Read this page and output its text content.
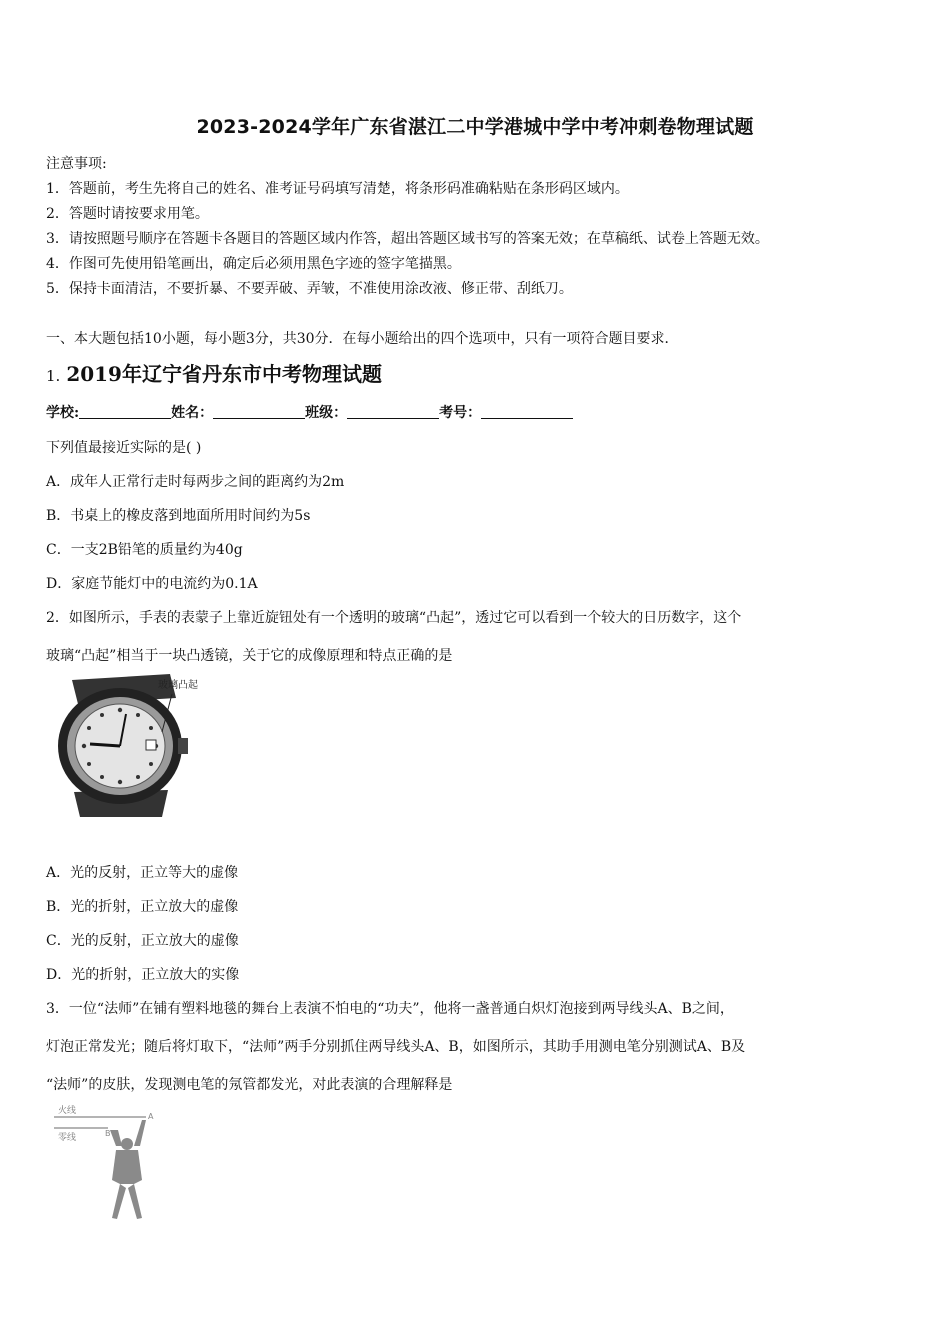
2023-2024学年广东省湛江二中学港城中学中考冲刺卷物理试题
注意事项:
1．答题前，考生先将自己的姓名、准考证号码填写清楚，将条形码准确粘贴在条形码区域内。
2．答题时请按要求用笔。
3．请按照题号顺序在答题卡各题目的答题区域内作答，超出答题区域书写的答案无效；在草稿纸、试卷上答题无效。
4．作图可先使用铅笔画出，确定后必须用黑色字迹的签字笔描黑。
5．保持卡面清洁，不要折暴、不要弄破、弄皱，不准使用涂改液、修正带、刮纸刀。
一、本大题包括10小题，每小题3分，共30分．在每小题给出的四个选项中，只有一项符合题目要求．
1. 2019年辽宁省丹东市中考物理试题
学校:	姓名：	班级：	考号：
下列值最接近实际的是( )
A．成年人正常行走时每两步之间的距离约为2m
B．书桌上的橡皮落到地面所用时间约为5s
C．一支2B铅笔的质量约为40g
D．家庭节能灯中的电流约为0.1A
2．如图所示，手表的表蒙子上靠近旋钮处有一个透明的玻璃“凸起”，透过它可以看到一个较大的日历数字，这个
玻璃“凸起”相当于一块凸透镜，关于它的成像原理和特点正确的是
玻璃凸起
A．光的反射，正立等大的虚像
B．光的折射，正立放大的虚像
C．光的反射，正立放大的虚像
D．光的折射，正立放大的实像
3．一位“法师”在铺有塑料地毯的舞台上表演不怕电的“功夫”，他将一盏普通白炽灯泡接到两导线头A、B之间，
灯泡正常发光；随后将灯取下，“法师”两手分别抓住两导线头A、B，如图所示，其助手用测电笔分别测试A、B及
“法师”的皮肤，发现测电笔的氖管都发光，对此表演的合理解释是
火线
A
零线	B
